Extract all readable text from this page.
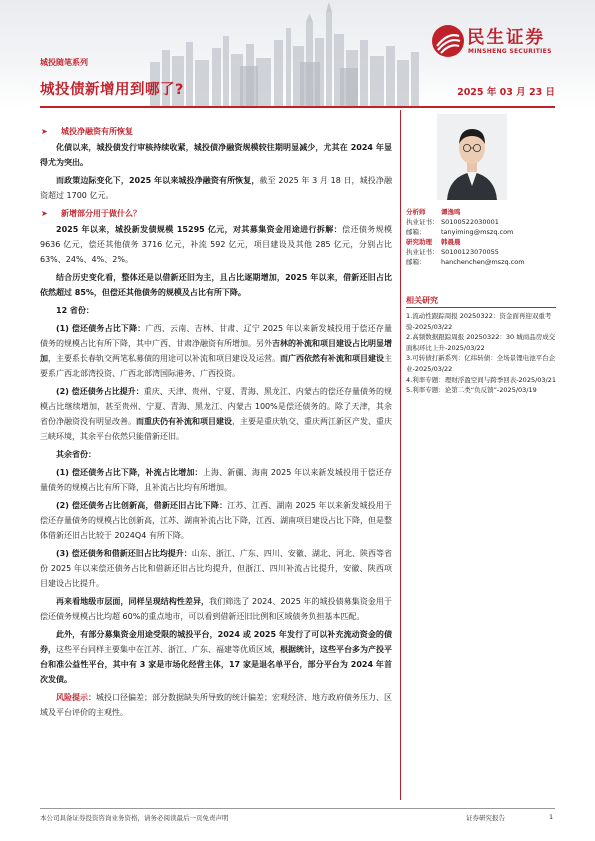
城投随笔系列
城投债新增用到哪了?	2025 年 03 月 23 日
民生证券
MINSHENG SECURITIES
➤ 城投净融资有所恢复

化债以来，城投债发行审核持续收紧，城投债净融资规模较往期明显减少，尤其在 2024 年显得尤为突出。

而政策边际变化下，2025 年以来城投净融资有所恢复，截至 2025 年 3 月 18 日，城投净融资超过 1700 亿元。

➤ 新增部分用于做什么？

2025 年以来，城投新发债规模 15295 亿元，对其募集资金用途进行拆解：偿还债务规模 9636 亿元，偿还其他债务 3716 亿元，补流 592 亿元，项目建设及其他 285 亿元，分别占比 63%、24%、4%、2%。

结合历史变化看，整体还是以借新还旧为主，且占比逐期增加，2025 年以来，借新还旧占比依然超过 85%，但偿还其他债务的规模及占比有所下降。

12 省份：

(1) 偿还债务占比下降：广西、云南、吉林、甘肃、辽宁 2025 年以来新发城投用于偿还存量债务的规模占比有所下降，其中广西、甘肃净融资有所增加。另外吉林的补流和项目建设占比明显增加，主要系长春轨交两笔私募债的用途可以补流和项目建设及运营。而广西依然有补流和项目建设主要系广西北部湾投资、广西北部湾国际港务、广西投资。

(2) 偿还债务占比提升：重庆、天津、贵州、宁夏、青海、黑龙江、内蒙古的偿还存量债务的规模占比继续增加，甚至贵州、宁夏、青海、黑龙江、内蒙古 100%是偿还债务的。除了天津，其余省份净融资没有明显改善。而重庆仍有补流和项目建设，主要是重庆轨交、重庆两江新区产发、重庆三峡环境，其余平台依然只能借新还旧。

其余省份：

(1) 偿还债务占比下降，补流占比增加：上海、新疆、海南 2025 年以来新发城投用于偿还存量债务的规模占比有所下降，且补流占比均有所增加。

(2) 偿还债务占比创新高，借新还旧占比下降：江苏、江西、湖南 2025 年以来新发城投用于偿还存量债务的规模占比创新高，江苏、湖南补流占比下降，江西、湖南项目建设占比下降，但是整体借新还旧占比较于 2024Q4 有所下降。

(3) 偿还债务和借新还旧占比均提升：山东、浙江、广东、四川、安徽、湖北、河北、陕西等省份 2025 年以来偿还债务占比和借新还旧占比均提升，但浙江、四川补流占比提升，安徽、陕西项目建设占比提升。

再来看地级市层面，同样呈现结构性差异，我们筛选了 2024、2025 年的城投债募集资金用于偿还债务规模占比均超 60%的重点地市，可以看到借新还旧比例和区域债务负担基本匹配。

此外，有部分募集资金用途受限的城投平台，2024 或 2025 年发行了可以补充流动资金的债券，这些平台同样主要集中在江苏、浙江、广东、福建等优质区域，根据统计，这些平台多为产投平台和准公益性平台，其中有 3 家是市场化经营主体，17 家是退名单平台，部分平台为 2024 年首次发债。

风险提示：城投口径偏差；部分数据缺失所导致的统计偏差；宏观经济、地方政府债务压力、区域及平台评价的主观性。

分析师 谭逸鸣
执业证书： S0100522030001
邮箱： tanyiming@mszq.com
研究助理 韩晨晨
执业证书： S0100123070055
邮箱： hanchenchen@mszq.com
相关研究
1.流动性跟踪周报 20250322：资金面再迎双重考验-2025/03/22
2.高频数据跟踪周报 20250322：30 城商品房成交面积环比上升-2025/03/22
3.可转债打新系列：亿纬转债：全场景锂电池平台企业-2025/03/22
4.利率专题：理财浮盈空间与跨季回表-2025/03/21
5.利率专题：论第二类“负反馈”-2025/03/19
本公司具备证券投资咨询业务资格，请务必阅读最后一页免责声明	证券研究报告	1
